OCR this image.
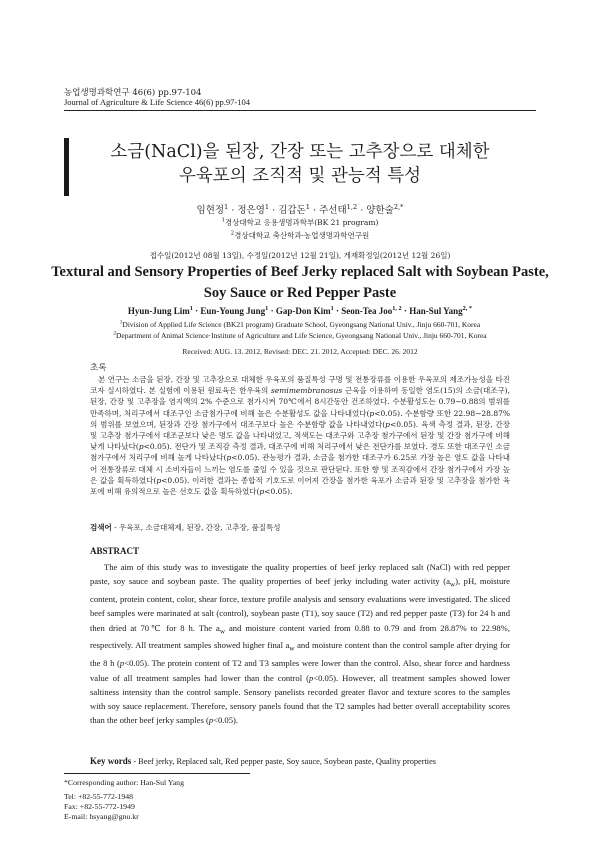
농업생명과학연구 46(6) pp.97-104
Journal of Agriculture & Life Science 46(6) pp.97-104
소금(NaCl)을 된장, 간장 또는 고추장으로 대체한
우육포의 조직적 및 관능적 특성
임현정$^1$ · 정은영$^1$ · 김갑돈$^1$ · 주선태$^{1,2}$ · 양한술$^{2,*}$
$^1$경상대학교 응용생명과학부(BK 21 program)
$^2$경상대학교 축산학과·농업생명과학연구원
접수일(2012년 08월 13일), 수정일(2012년 12월 21일), 게재확정일(2012년 12월 26일)
Textural and Sensory Properties of Beef Jerky replaced Salt with Soybean Paste,
Soy Sauce or Red Pepper Paste
Hyun-Jung Lim$^1$ · Eun-Young Jung$^1$ · Gap-Don Kim$^1$ · Seon-Tea Joo$^{1, 2}$ · Han-Sul Yang$^{2, *}$
$^1$Division of Applied Life Science (BK21 program) Graduate School, Gyeongsang National Univ., Jinju 660-701, Korea
$^2$Department of Animal Science·Institute of Agriculture and Life Science, Gyeongsang National Univ., Jinju 660-701, Korea
Received: AUG. 13. 2012, Revised: DEC. 21. 2012, Accepted: DEC. 26. 2012
초록

본 연구는 소금을 된장, 간장 및 고추장으로 대체한 우육포의 품질특성 구명 및 전통장류를 이용한 우육포의 제조가능성을 타진코자 실시하였다. 본 실험에 이용된 원료육은 한우육의 semimembranosus 근육을 이용하여 동일한 염도(15)의 소금(대조구), 된장, 간장 및 고추장을 염지액의 2% 수준으로 첨가시켜 70℃에서 8시간동안 건조하였다. 수분활성도는 0.79∼0.88의 범위를 만족하며, 처리구에서 대조구인 소금첨가구에 비해 높은 수분활성도 값을 나타내었다(p<0.05). 수분함량 또한 22.98∼28.87%의 범위를 보였으며, 된장과 간장 첨가구에서 대조구보다 높은 수분함량 값을 나타내었다(p<0.05). 육색 측정 결과, 된장, 간장 및 고추장 첨가구에서 대조군보다 낮은 명도 값을 나타내었고, 적색도는 대조구와 고추장 첨가구에서 된장 및 간장 첨가구에 비해 낮게 나타났다(p<0.05). 전단가 및 조직감 측정 결과, 대조구에 비해 처리구에서 낮은 전단가를 보였다. 경도 또한 대조구인 소금 첨가구에서 처리구에 비해 높게 나타났다(p<0.05). 관능평가 결과, 소금을 첨가한 대조구가 6.25로 가장 높은 염도 값을 나타내어 전통장류로 대체 시 소비자들이 느끼는 염도를 줄일 수 있을 것으로 판단된다. 또한 향 및 조직감에서 간장 첨가구에서 가장 높은 값을 획득하였다(p<0.05). 이러한 결과는 종합적 기호도로 이어져 간장을 첨가한 육포가 소금과 된장 및 고추장을 첨가한 육포에 비해 유의적으로 높은 선호도 값을 획득하였다(p<0.05).

검색어 - 우육포, 소금대체제, 된장, 간장, 고추장, 품질특성

ABSTRACT

The aim of this study was to investigate the quality properties of beef jerky replaced salt (NaCl) with red pepper paste, soy sauce and soybean paste. The quality properties of beef jerky including water activity $(a_w)$, pH, moisture content, protein content, color, shear force, texture profile analysis and sensory evaluations were investigated. The sliced beef samples were marinated at salt (control), soybean paste (T1), soy sauce (T2) and red pepper paste (T3) for 24 h and then dried at 70℃ for 8 h. The $a_w$ and moisture content varied from 0.88 to 0.79 and from 28.87% to 22.98%, respectively. All treatment samples showed higher final $a_w$ and moisture content than the control sample after drying for the 8 h (p<0.05). The protein content of T2 and T3 samples were lower than the control. Also, shear force and hardness value of all treatment samples had lower than the control (p<0.05). However, all treatment samples showed lower saltiness intensity than the control sample. Sensory panelists recorded greater flavor and texture scores to the samples with soy sauce replacement. Therefore, sensory panels found that the T2 samples had better overall acceptability scores than the other beef jerky samples (p<0.05).

Key words - Beef jerky, Replaced salt, Red pepper paste, Soy sauce, Soybean paste, Quality properties

*Corresponding author: Han-Sul Yang
Tel: +82-55-772-1948
Fax: +82-55-772-1949
E-mail: hsyang@gnu.kr
